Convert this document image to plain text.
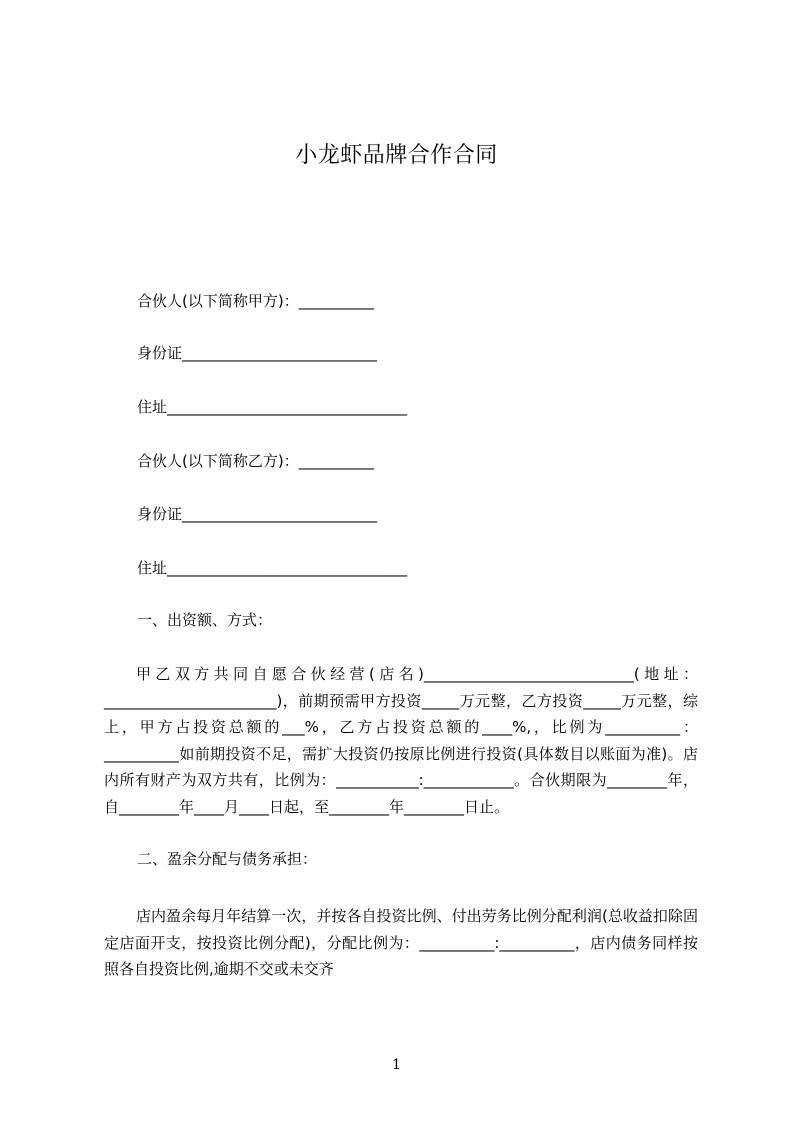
小龙虾品牌合作合同
合伙人(以下简称甲方)：__________
身份证__________________________
住址________________________________
合伙人(以下简称乙方)：__________
身份证__________________________
住址________________________________
一、出资额、方式：
甲乙双方共同自愿合伙经营(店名)____________________________(地址：_______________________)，前期预需甲方投资_____万元整，乙方投资_____万元整，综上，甲方占投资总额的___%，乙方占投资总额的____%,，比例为__________：__________如前期投资不足，需扩大投资仍按原比例进行投资(具体数目以账面为准)。店内所有财产为双方共有，比例为：___________:____________。合伙期限为________年，自________年____月____日起，至________年________日止。
二、盈余分配与债务承担：
店内盈余每月年结算一次，并按各自投资比例、付出劳务比例分配利润(总收益扣除固定店面开支，按投资比例分配)，分配比例为：__________:__________，店内债务同样按照各自投资比例,逾期不交或未交齐
1
